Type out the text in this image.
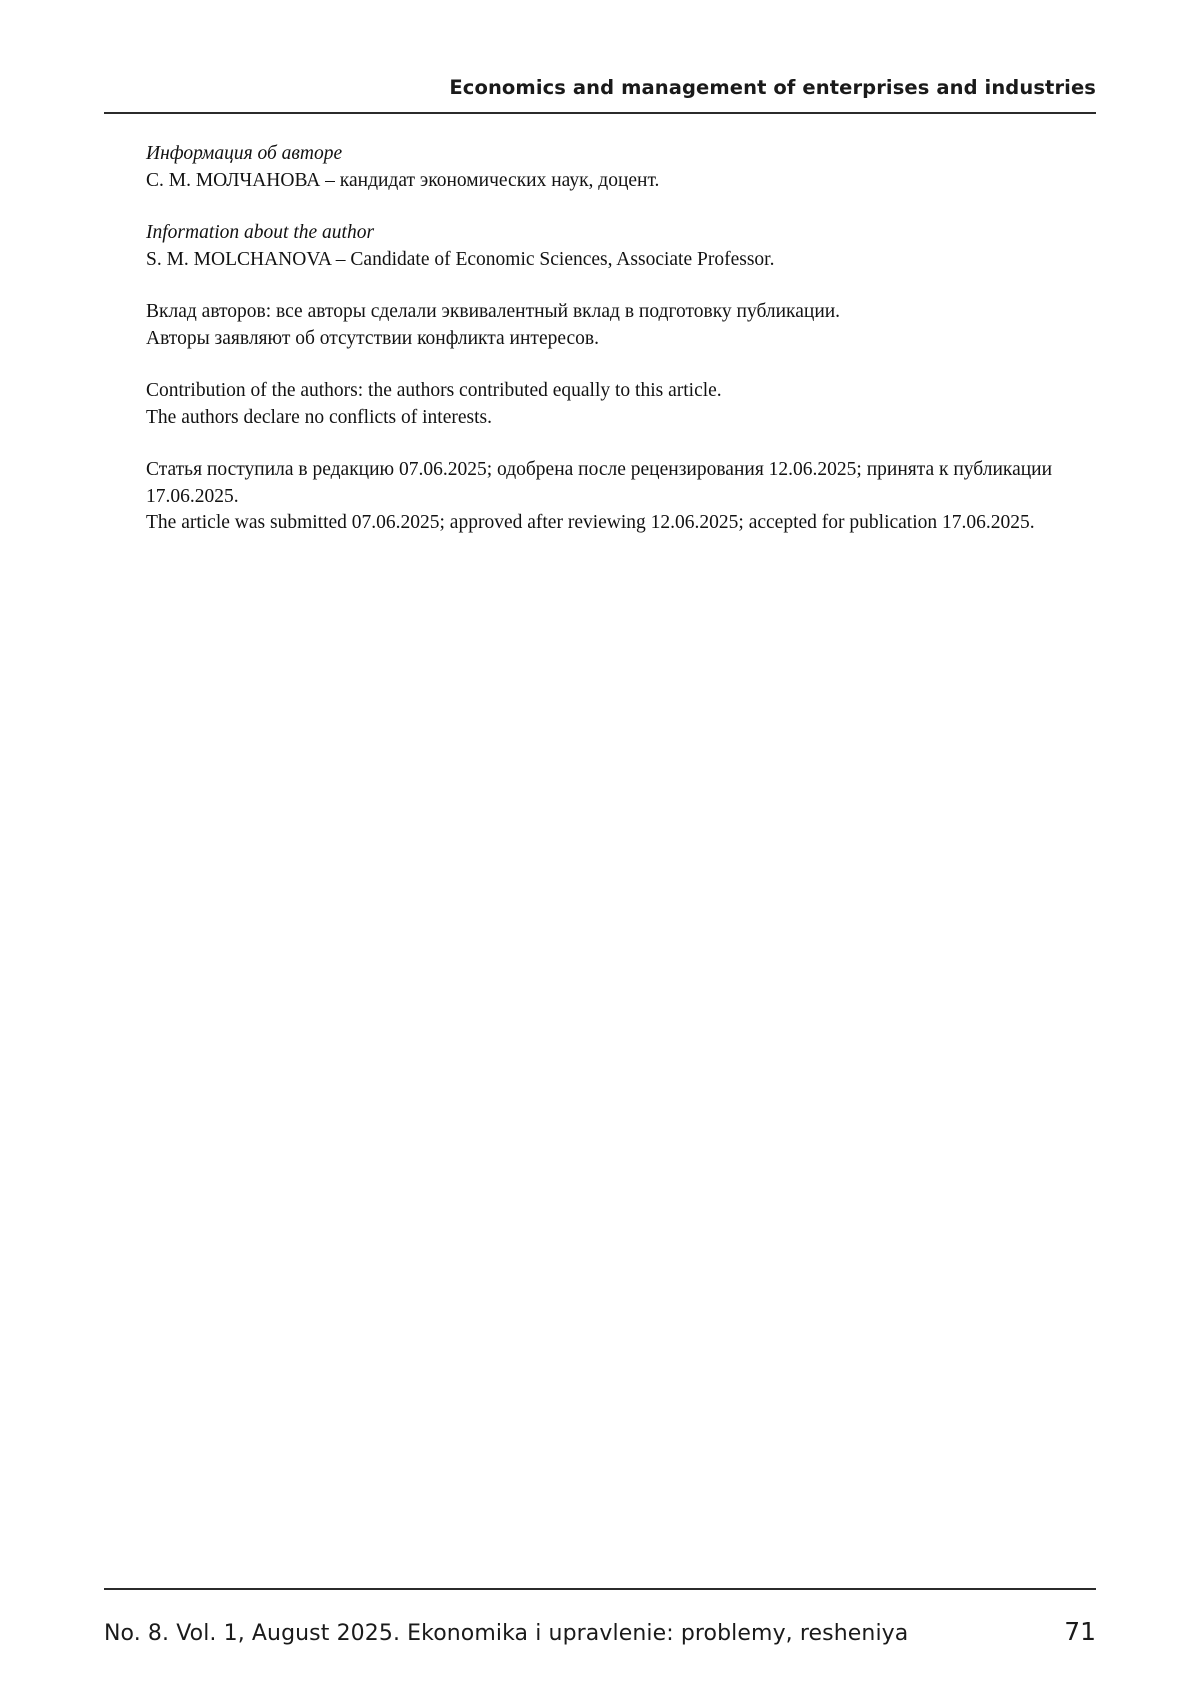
Economics and management of enterprises and industries
Информация об авторе
С. М. МОЛЧАНОВА – кандидат экономических наук, доцент.
Information about the author
S. M. MOLCHANOVA – Candidate of Economic Sciences, Associate Professor.
Вклад авторов: все авторы сделали эквивалентный вклад в подготовку публикации.
Авторы заявляют об отсутствии конфликта интересов.
Contribution of the authors: the authors contributed equally to this article.
The authors declare no conflicts of interests.
Статья поступила в редакцию 07.06.2025; одобрена после рецензирования 12.06.2025; принята к публикации
17.06.2025.
The article was submitted 07.06.2025; approved after reviewing 12.06.2025; accepted for publication 17.06.2025.
No. 8. Vol. 1, August 2025. Ekonomika i upravlenie: problemy, resheniya	71
